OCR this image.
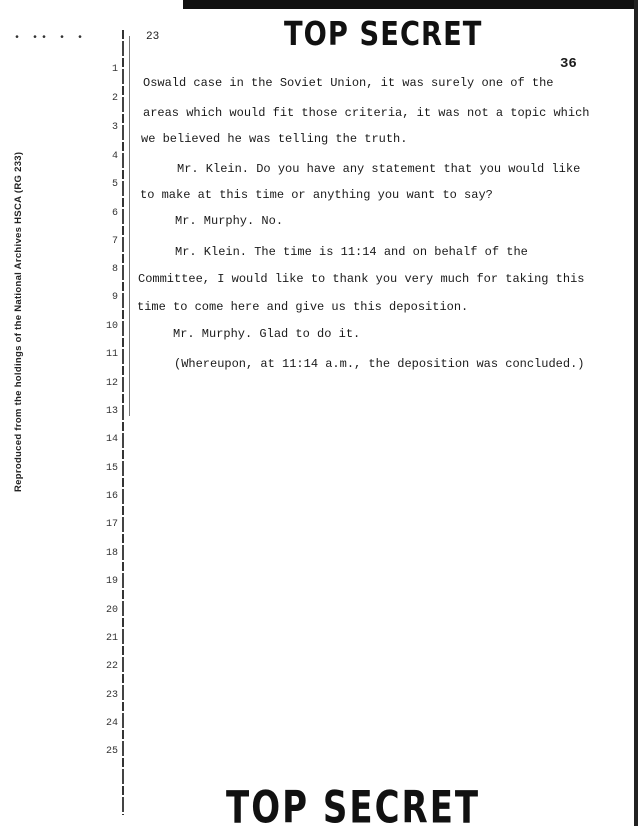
• •• • •
Reproduced from the holdings of the National Archives HSCA (RG 233)
TOP SECRET
23
36
1
2
3
4
5
6
7
8
9
10
11
12
13
14
15
16
17
18
19
20
21
22
23
24
25
Oswald case in the Soviet Union, it was surely one of the
areas which would fit those criteria, it was not a topic which
we believed he was telling the truth.
Mr. Klein. Do you have any statement that you would like
to make at this time or anything you want to say?
Mr. Murphy. No.
Mr. Klein. The time is 11:14 and on behalf of the
Committee, I would like to thank you very much for taking this
time to come here and give us this deposition.
Mr. Murphy. Glad to do it.
(Whereupon, at 11:14 a.m., the deposition was concluded.)
TOP SECRET
